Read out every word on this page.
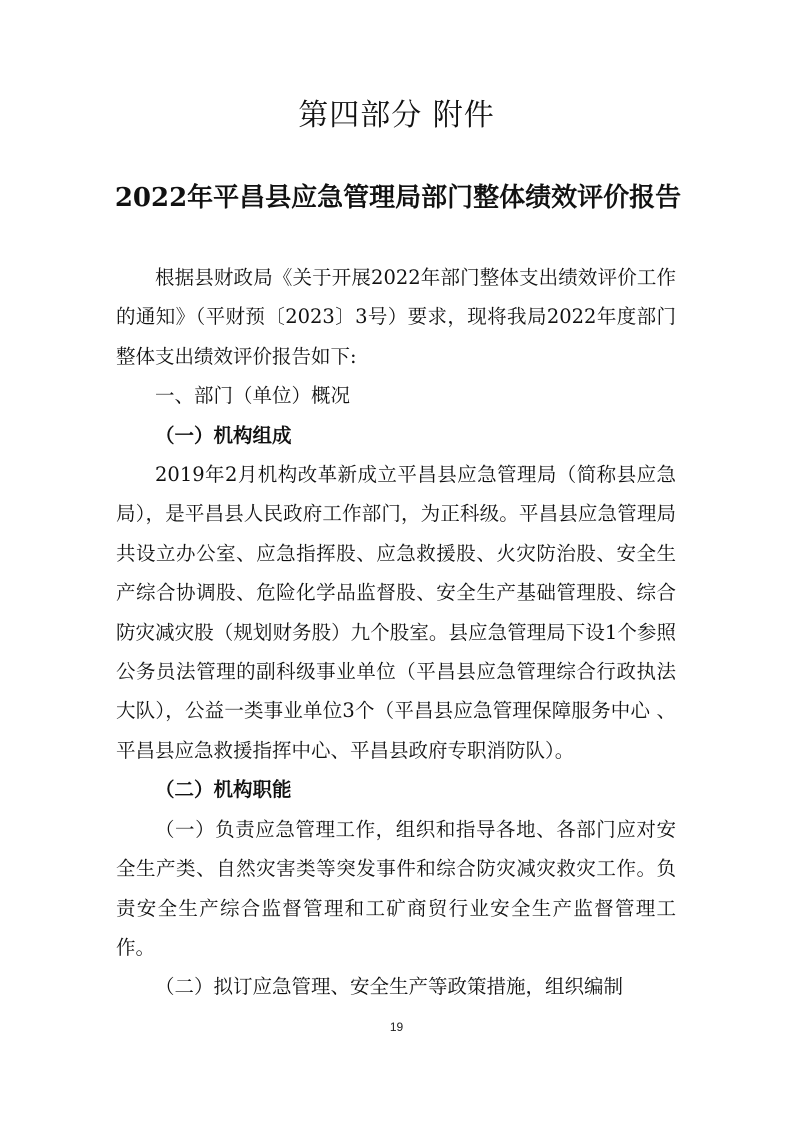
第四部分 附件
2022年平昌县应急管理局部门整体绩效评价报告

根据县财政局《关于开展2022年部门整体支出绩效评价工作的通知》（平财预〔2023〕3号）要求，现将我局2022年度部门整体支出绩效评价报告如下:

一、部门（单位）概况

（一）机构组成

2019年2月机构改革新成立平昌县应急管理局（简称县应急局），是平昌县人民政府工作部门，为正科级。平昌县应急管理局共设立办公室、应急指挥股、应急救援股、火灾防治股、安全生产综合协调股、危险化学品监督股、安全生产基础管理股、综合防灾减灾股（规划财务股）九个股室。县应急管理局下设1个参照公务员法管理的副科级事业单位（平昌县应急管理综合行政执法大队），公益一类事业单位3个（平昌县应急管理保障服务中心 、平昌县应急救援指挥中心、平昌县政府专职消防队）。

（二）机构职能

（一）负责应急管理工作，组织和指导各地、各部门应对安全生产类、自然灾害类等突发事件和综合防灾减灾救灾工作。负责安全生产综合监督管理和工矿商贸行业安全生产监督管理工作。

（二）拟订应急管理、安全生产等政策措施，组织编制

19
